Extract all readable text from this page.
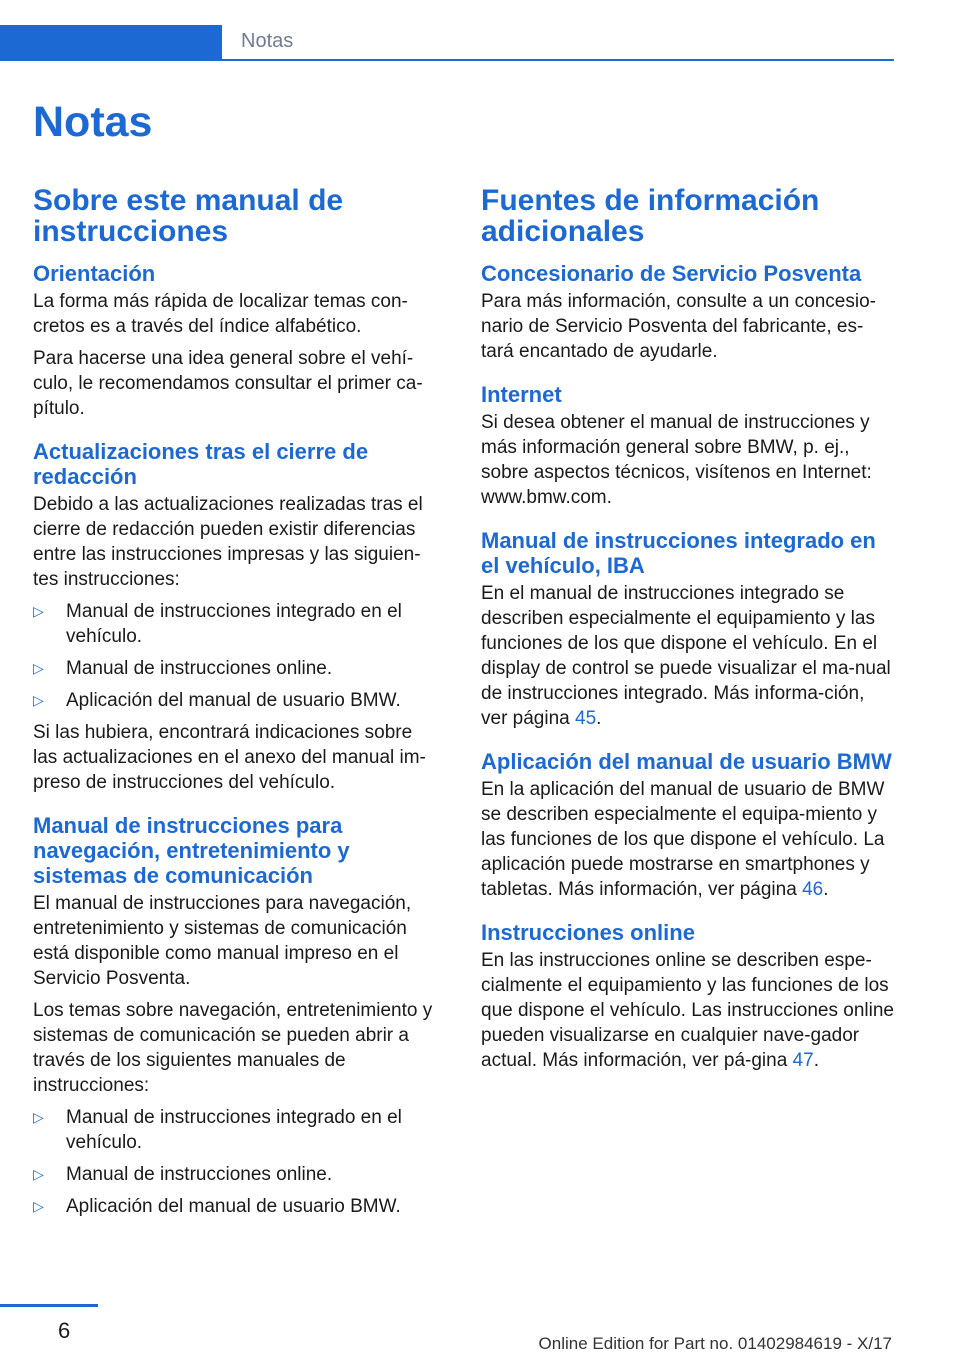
Notas
Notas
Sobre este manual de instrucciones
Orientación

La forma más rápida de localizar temas con-cretos es a través del índice alfabético.

Para hacerse una idea general sobre el vehí-culo, le recomendamos consultar el primer ca-pítulo.

Actualizaciones tras el cierre de redacción

Debido a las actualizaciones realizadas tras el cierre de redacción pueden existir diferencias entre las instrucciones impresas y las siguien-tes instrucciones:

▷ Manual de instrucciones integrado en el vehículo.
▷ Manual de instrucciones online.
▷ Aplicación del manual de usuario BMW.

Si las hubiera, encontrará indicaciones sobre las actualizaciones en el anexo del manual im-preso de instrucciones del vehículo.

Manual de instrucciones para navegación, entretenimiento y sistemas de comunicación

El manual de instrucciones para navegación, entretenimiento y sistemas de comunicación está disponible como manual impreso en el Servicio Posventa.

Los temas sobre navegación, entretenimiento y sistemas de comunicación se pueden abrir a través de los siguientes manuales de instrucciones:

▷ Manual de instrucciones integrado en el vehículo.
▷ Manual de instrucciones online.
▷ Aplicación del manual de usuario BMW.
Fuentes de información adicionales
Concesionario de Servicio Posventa

Para más información, consulte a un concesio-nario de Servicio Posventa del fabricante, es-tará encantado de ayudarle.

Internet

Si desea obtener el manual de instrucciones y más información general sobre BMW, p. ej., sobre aspectos técnicos, visítenos en Internet: www.bmw.com.

Manual de instrucciones integrado en el vehículo, IBA

En el manual de instrucciones integrado se describen especialmente el equipamiento y las funciones de los que dispone el vehículo. En el display de control se puede visualizar el ma-nual de instrucciones integrado. Más informa-ción, ver página 45.

Aplicación del manual de usuario BMW

En la aplicación del manual de usuario de BMW se describen especialmente el equipa-miento y las funciones de los que dispone el vehículo. La aplicación puede mostrarse en smartphones y tabletas. Más información, ver página 46.

Instrucciones online

En las instrucciones online se describen espe-cialmente el equipamiento y las funciones de los que dispone el vehículo. Las instrucciones online pueden visualizarse en cualquier nave-gador actual. Más información, ver pá-gina 47.

6
Online Edition for Part no. 01402984619 - X/17
